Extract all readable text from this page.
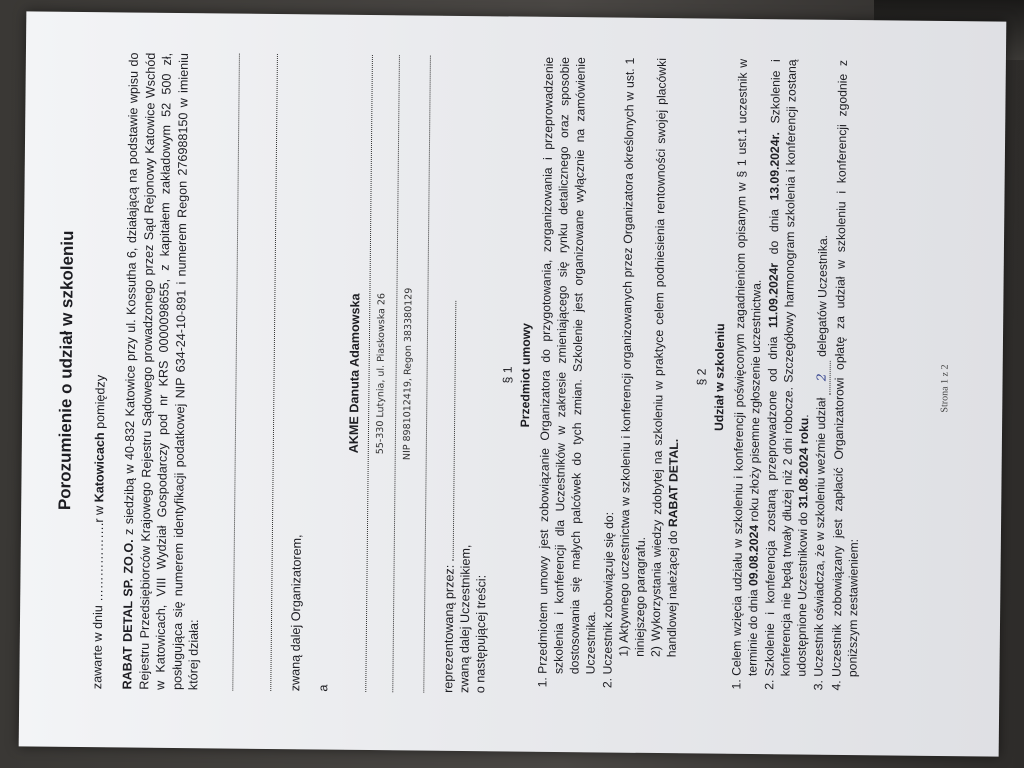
Porozumienie o udział w szkoleniu

zawarte w dniu ……………….r w Katowicach pomiędzy

RABAT DETAL SP. ZO.O. z siedzibą w 40-832 Katowice przy ul. Kossutha 6, działającą na podstawie wpisu do Rejestru Przedsiębiorców Krajowego Rejestru Sądowego prowadzonego przez Sąd Rejonowy Katowice Wschód w Katowicach, VIII Wydział Gospodarczy pod nr KRS 0000098655, z kapitałem zakładowym 52 500 zł, posługująca się numerem identyfikacji podatkowej NIP 634-24-10-891 i numerem Regon 276988150 w imieniu której działa:	zwaną dalej Organizatorem, a

AKME Danuta Adamowska	55-330 Lutynia, ul. Piaskowska 26	NIP 8981012419, Regon 383380129

reprezentowaną przez: zwaną dalej Uczestnikiem, o następującej treści:

§ 1 Przedmiot umowy 1. Przedmiotem umowy jest zobowiązanie Organizatora do przygotowania, zorganizowania i przeprowadzenie szkolenia i konferencji dla Uczestników w zakresie zmieniającego się rynku detalicznego oraz sposobie dostosowania się małych palcówek do tych zmian. Szkolenie jest organizowane wyłącznie na zamówienie Uczestnika. 2. Uczestnik zobowiązuje się do: 1) Aktywnego uczestnictwa w szkoleniu i konferencji organizowanych przez Organizatora określonych w ust. 1 niniejszego paragrafu. 2) Wykorzystania wiedzy zdobytej na szkoleniu w praktyce celem podniesienia rentowności swojej placówki handlowej należącej do RABAT DETAL.

§ 2 Udział w szkoleniu 1. Celem wzięcia udziału w szkoleniu i konferencji poświęconym zagadnieniom opisanym w § 1 ust.1 uczestnik w terminie do dnia 09.08.2024 roku złoży pisemne zgłoszenie uczestnictwa.
2. Szkolenie i konferencja zostaną przeprowadzone od dnia 11.09.2024r do dnia 13.09.2024r. Szkolenie i konferencja nie będą trwały dłużej niż 2 dni robocze. Szczegółowy harmonogram szkolenia i konferencji zostaną udostępnione Uczestnikowi do 31.08.2024 roku. 3. Uczestnik oświadcza, że w szkoleniu weźmie udział 2 delegatów Uczestnika. 4. Uczestnik zobowiązany jest zapłacić Organizatorowi opłatę za udział w szkoleniu i konferencji zgodnie z poniższym zestawieniem:
Strona 1 z 2
